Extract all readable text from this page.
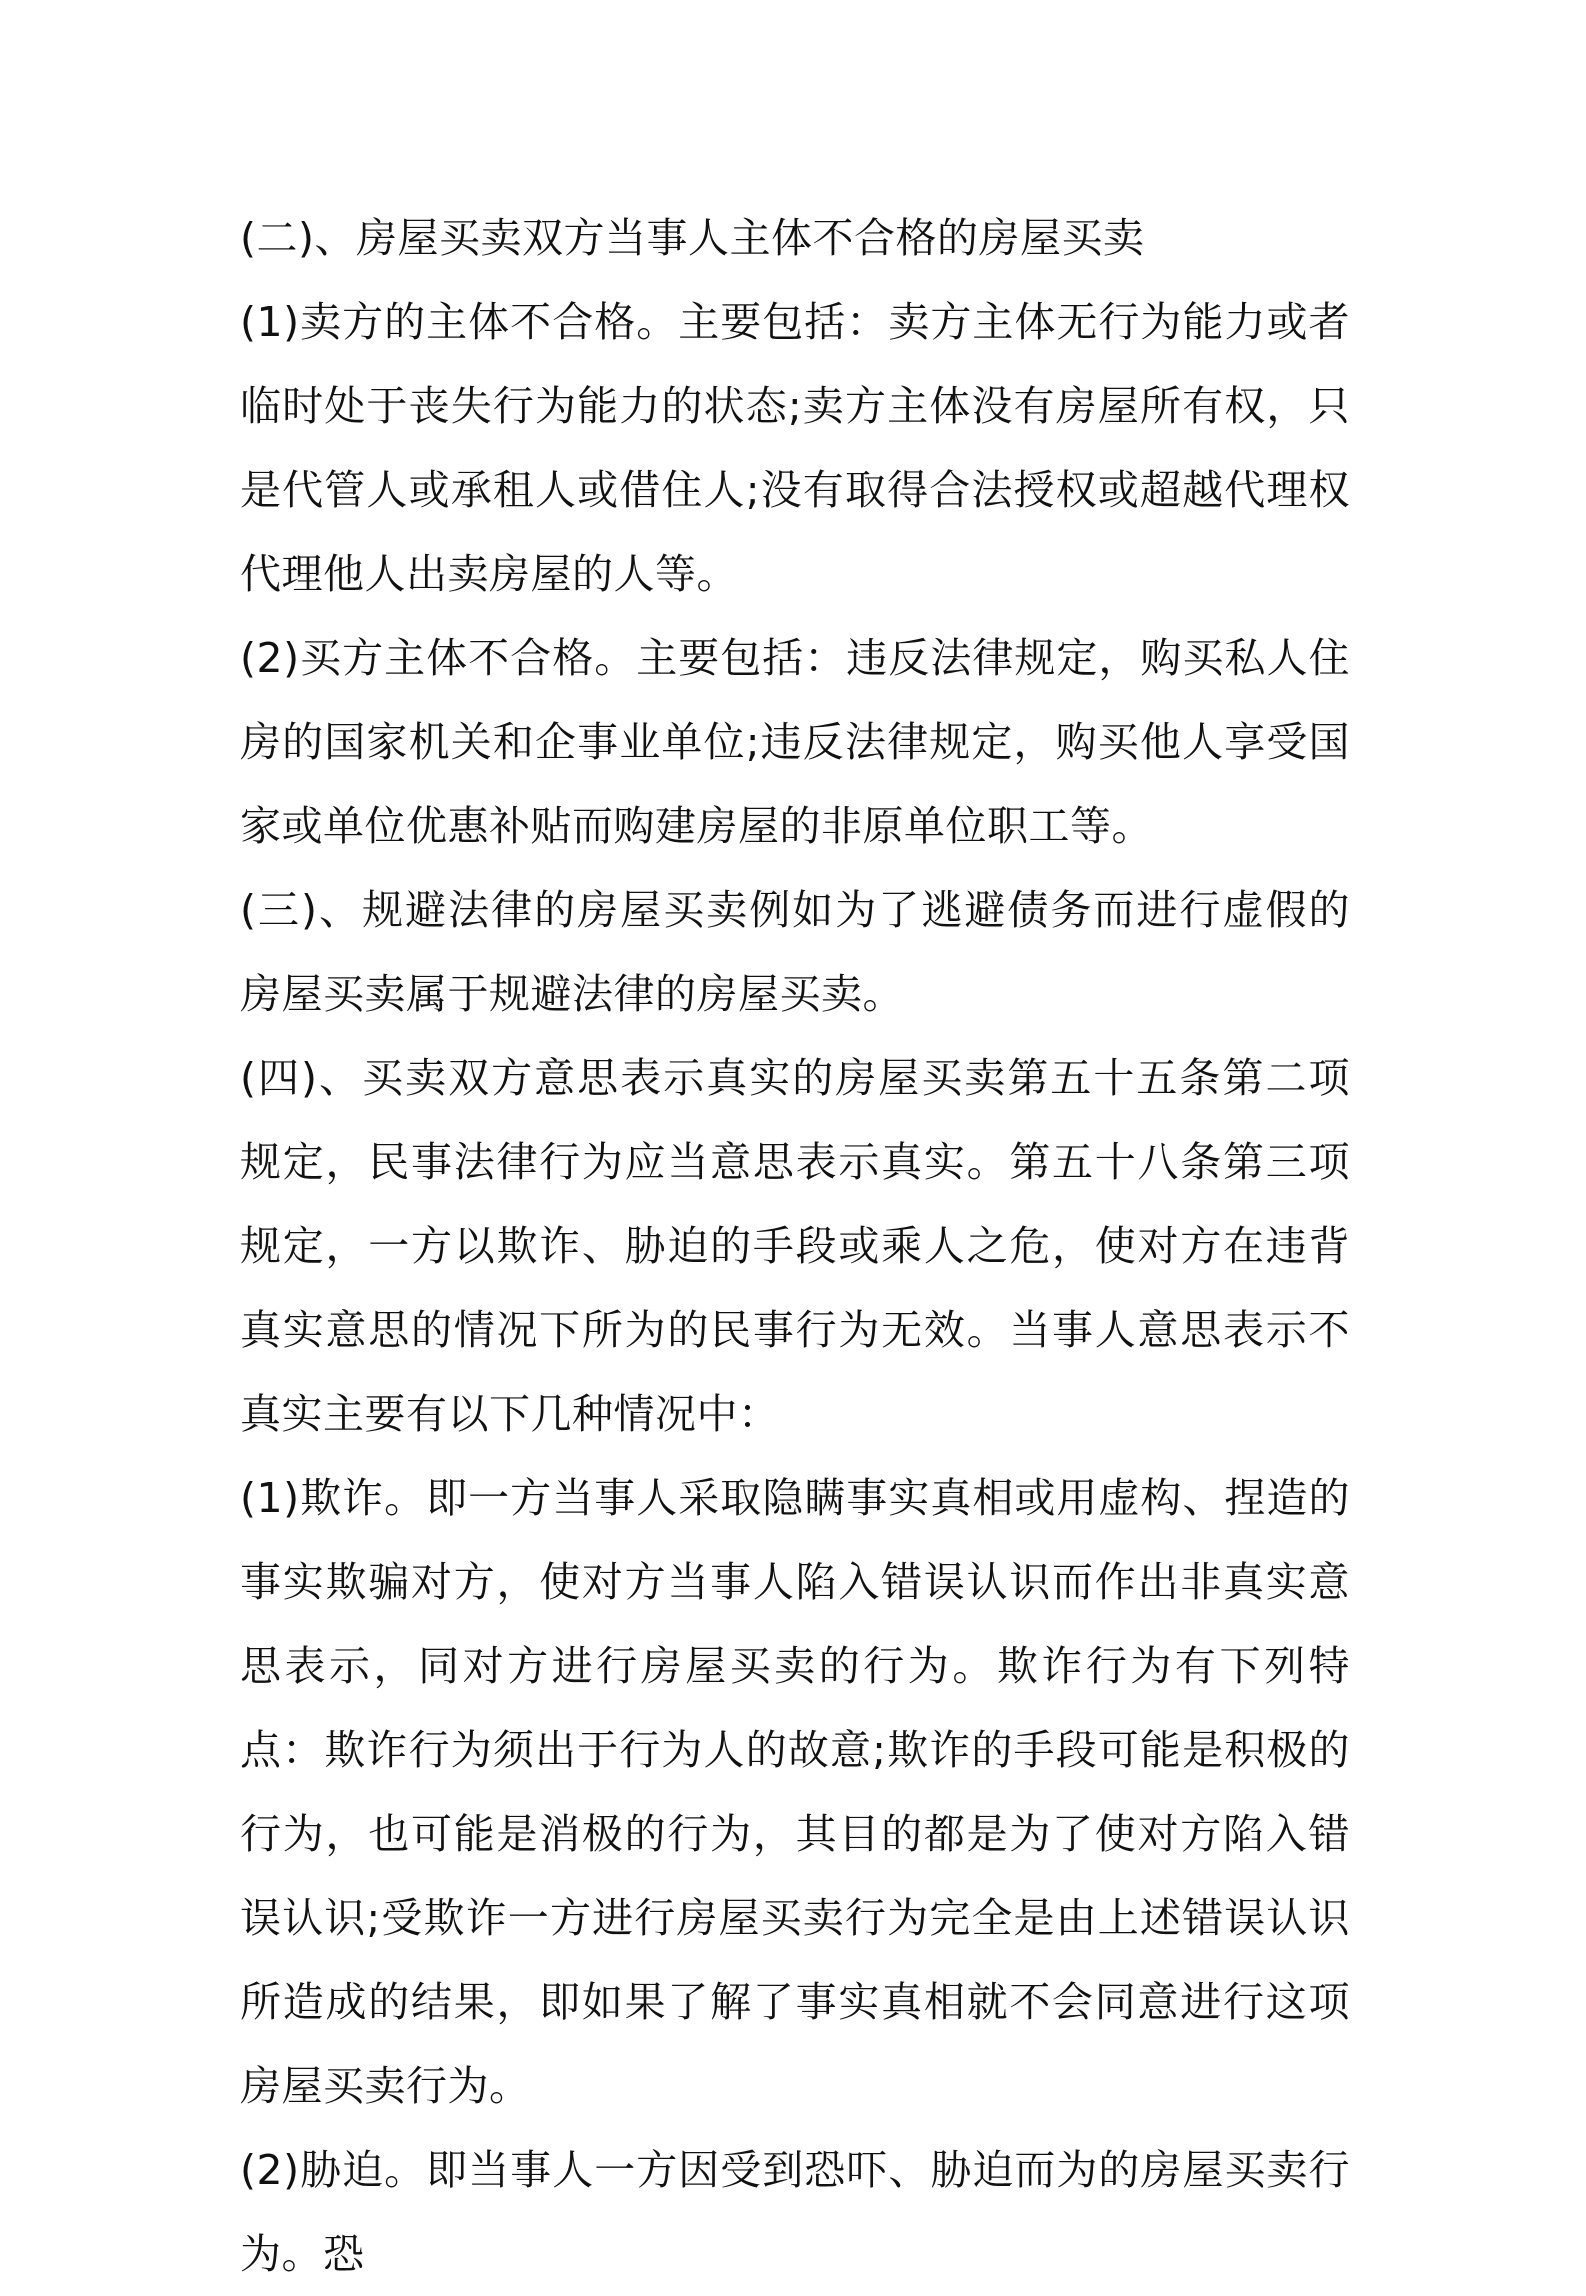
(二)、房屋买卖双方当事人主体不合格的房屋买卖

(1)卖方的主体不合格。主要包括：卖方主体无行为能力或者临时处于丧失行为能力的状态;卖方主体没有房屋所有权，只是代管人或承租人或借住人;没有取得合法授权或超越代理权代理他人出卖房屋的人等。

(2)买方主体不合格。主要包括：违反法律规定，购买私人住房的国家机关和企事业单位;违反法律规定，购买他人享受国家或单位优惠补贴而购建房屋的非原单位职工等。

(三)、规避法律的房屋买卖例如为了逃避债务而进行虚假的房屋买卖属于规避法律的房屋买卖。

(四)、买卖双方意思表示真实的房屋买卖第五十五条第二项规定，民事法律行为应当意思表示真实。第五十八条第三项规定，一方以欺诈、胁迫的手段或乘人之危，使对方在违背真实意思的情况下所为的民事行为无效。当事人意思表示不真实主要有以下几种情况中：

(1)欺诈。即一方当事人采取隐瞒事实真相或用虚构、捏造的事实欺骗对方，使对方当事人陷入错误认识而作出非真实意思表示，同对方进行房屋买卖的行为。欺诈行为有下列特点：欺诈行为须出于行为人的故意;欺诈的手段可能是积极的行为，也可能是消极的行为，其目的都是为了使对方陷入错误认识;受欺诈一方进行房屋买卖行为完全是由上述错误认识所造成的结果，即如果了解了事实真相就不会同意进行这项房屋买卖行为。

(2)胁迫。即当事人一方因受到恐吓、胁迫而为的房屋买卖行为。恐
